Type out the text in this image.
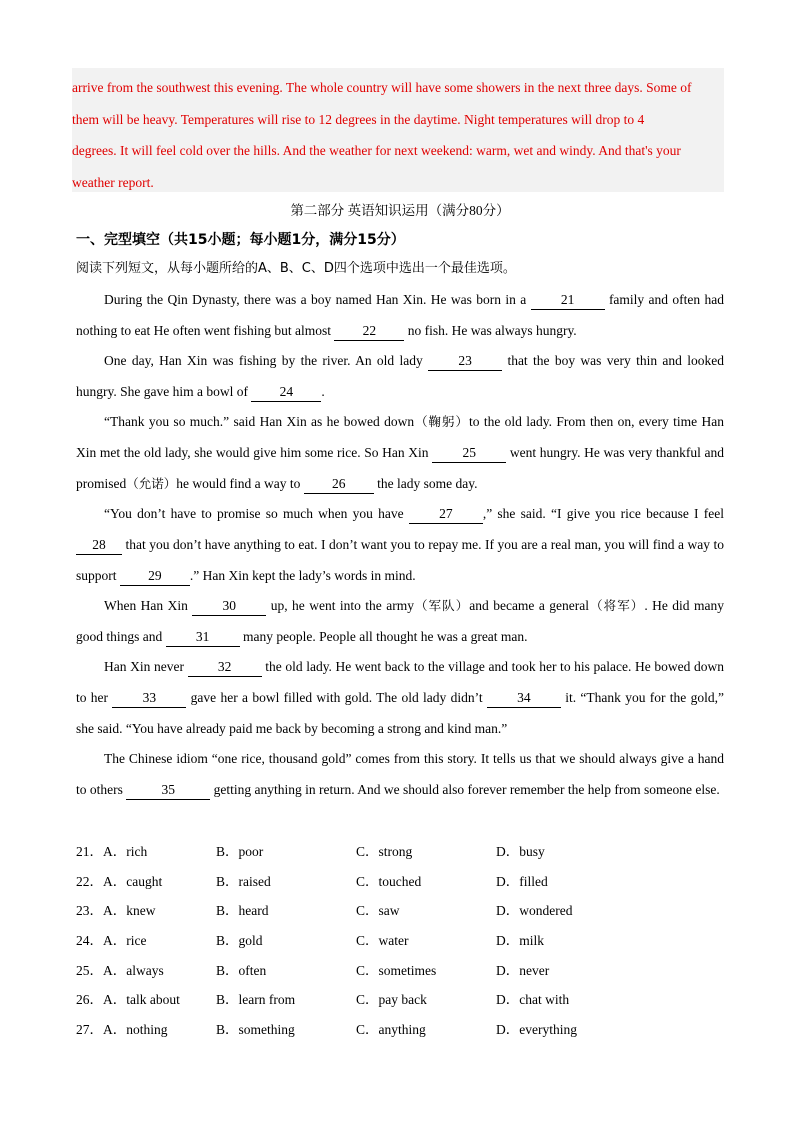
arrive from the southwest this evening. The whole country will have some showers in the next three days. Some of

them will be heavy. Temperatures will rise to 12 degrees in the daytime. Night temperatures will drop to 4

degrees. It will feel cold over the hills. And the weather for next weekend: warm, wet and windy. And that's your

weather report.

第二部分 英语知识运用（满分80分）
一、完型填空（共15小题；每小题1分，满分15分）
阅读下列短文，从每小题所给的A、B、C、D四个选项中选出一个最佳选项。

During the Qin Dynasty, there was a boy named Han Xin. He was born in a 21 family and often had nothing to eat He often went fishing but almost 22 no fish. He was always hungry.

One day, Han Xin was fishing by the river. An old lady 23 that the boy was very thin and looked hungry. She gave him a bowl of 24 .

“Thank you so much.” said Han Xin as he bowed down（鞠躬）to the old lady. From then on, every time Han Xin met the old lady, she would give him some rice. So Han Xin 25 went hungry. He was very thankful and promised（允诺）he would find a way to 26 the lady some day.

“You don’t have to promise so much when you have 27 ,” she said. “I give you rice because I feel 28 that you don’t have anything to eat. I don’t want you to repay me. If you are a real man, you will find a way to support 29 .” Han Xin kept the lady’s words in mind.

When Han Xin 30 up, he went into the army（军队）and became a general（将军）. He did many good things and 31 many people. People all thought he was a great man.

Han Xin never 32 the old lady. He went back to the village and took her to his palace. He bowed down to her 33 gave her a bowl filled with gold. The old lady didn’t 34 it. “Thank you for the gold,” she said. “You have already paid me back by becoming a strong and kind man.”

The Chinese idiom “one rice, thousand gold” comes from this story. It tells us that we should always give a hand to others	35	getting anything in return. And we should also forever remember the help from someone else.

21．A．rich	B．poor	C．strong	D．busy
22．A．caught	B．raised	C．touched	D．filled
23．A．knew	B．heard	C．saw	D．wondered
24．A．rice	B．gold	C．water	D．milk
25．A．always	B．often	C．sometimes	D．never
26．A．talk about	B．learn from	C．pay back	D．chat with
27．A．nothing	B．something	C．anything	D．everything
